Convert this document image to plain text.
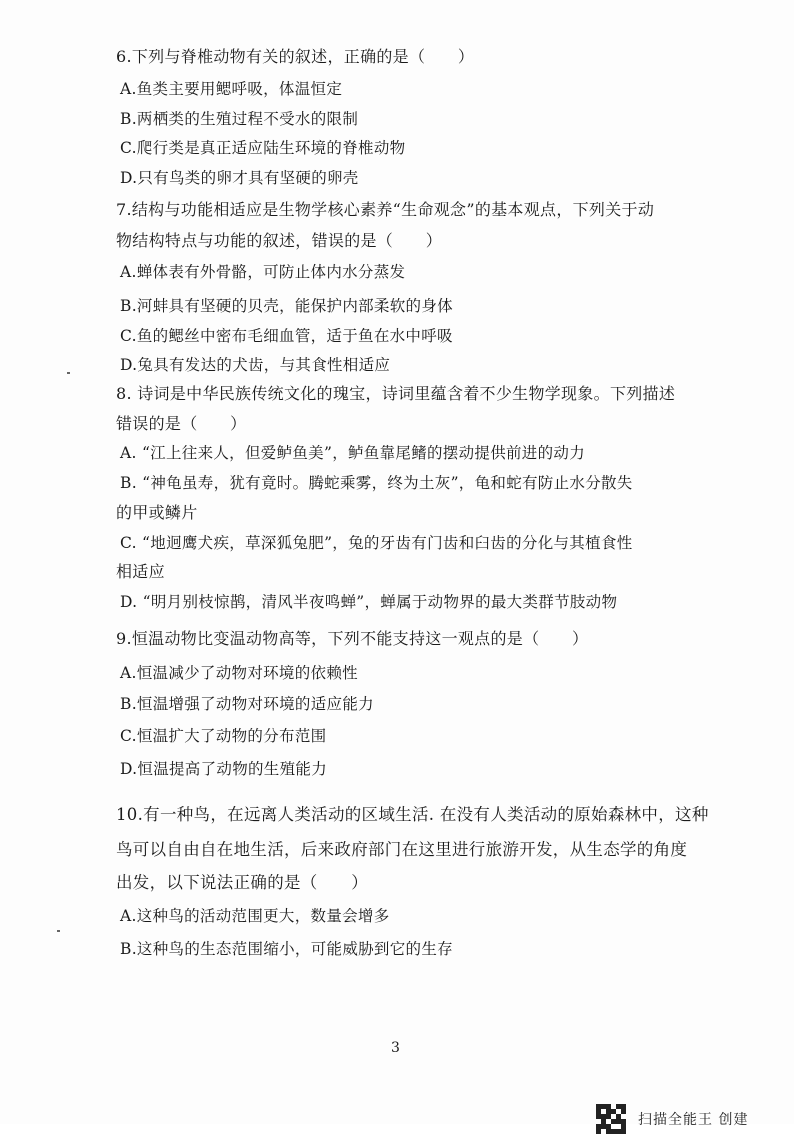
6.下列与脊椎动物有关的叙述，正确的是（　　）
A.鱼类主要用鳃呼吸，体温恒定
B.两栖类的生殖过程不受水的限制
C.爬行类是真正适应陆生环境的脊椎动物
D.只有鸟类的卵才具有坚硬的卵壳
7.结构与功能相适应是生物学核心素养“生命观念”的基本观点，下列关于动
物结构特点与功能的叙述，错误的是（　　）
A.蝉体表有外骨骼，可防止体内水分蒸发
B.河蚌具有坚硬的贝壳，能保护内部柔软的身体
C.鱼的鳃丝中密布毛细血管，适于鱼在水中呼吸
D.兔具有发达的犬齿，与其食性相适应
8. 诗词是中华民族传统文化的瑰宝，诗词里蕴含着不少生物学现象。下列描述
错误的是（　　）
A. “江上往来人，但爱鲈鱼美”，鲈鱼靠尾鳍的摆动提供前进的动力
B. “神龟虽寿，犹有竟时。腾蛇乘雾，终为土灰”，龟和蛇有防止水分散失
的甲或鳞片
C. “地迥鹰犬疾，草深狐兔肥”，兔的牙齿有门齿和臼齿的分化与其植食性
相适应
D. “明月别枝惊鹊，清风半夜鸣蝉”，蝉属于动物界的最大类群节肢动物
9.恒温动物比变温动物高等，下列不能支持这一观点的是（　　）
A.恒温减少了动物对环境的依赖性
B.恒温增强了动物对环境的适应能力
C.恒温扩大了动物的分布范围
D.恒温提高了动物的生殖能力
10.有一种鸟，在远离人类活动的区域生活. 在没有人类活动的原始森林中，这种
鸟可以自由自在地生活，后来政府部门在这里进行旅游开发，从生态学的角度
出发，以下说法正确的是（　　）
A.这种鸟的活动范围更大，数量会增多
B.这种鸟的生态范围缩小，可能威胁到它的生存
3
扫描全能王 创建
